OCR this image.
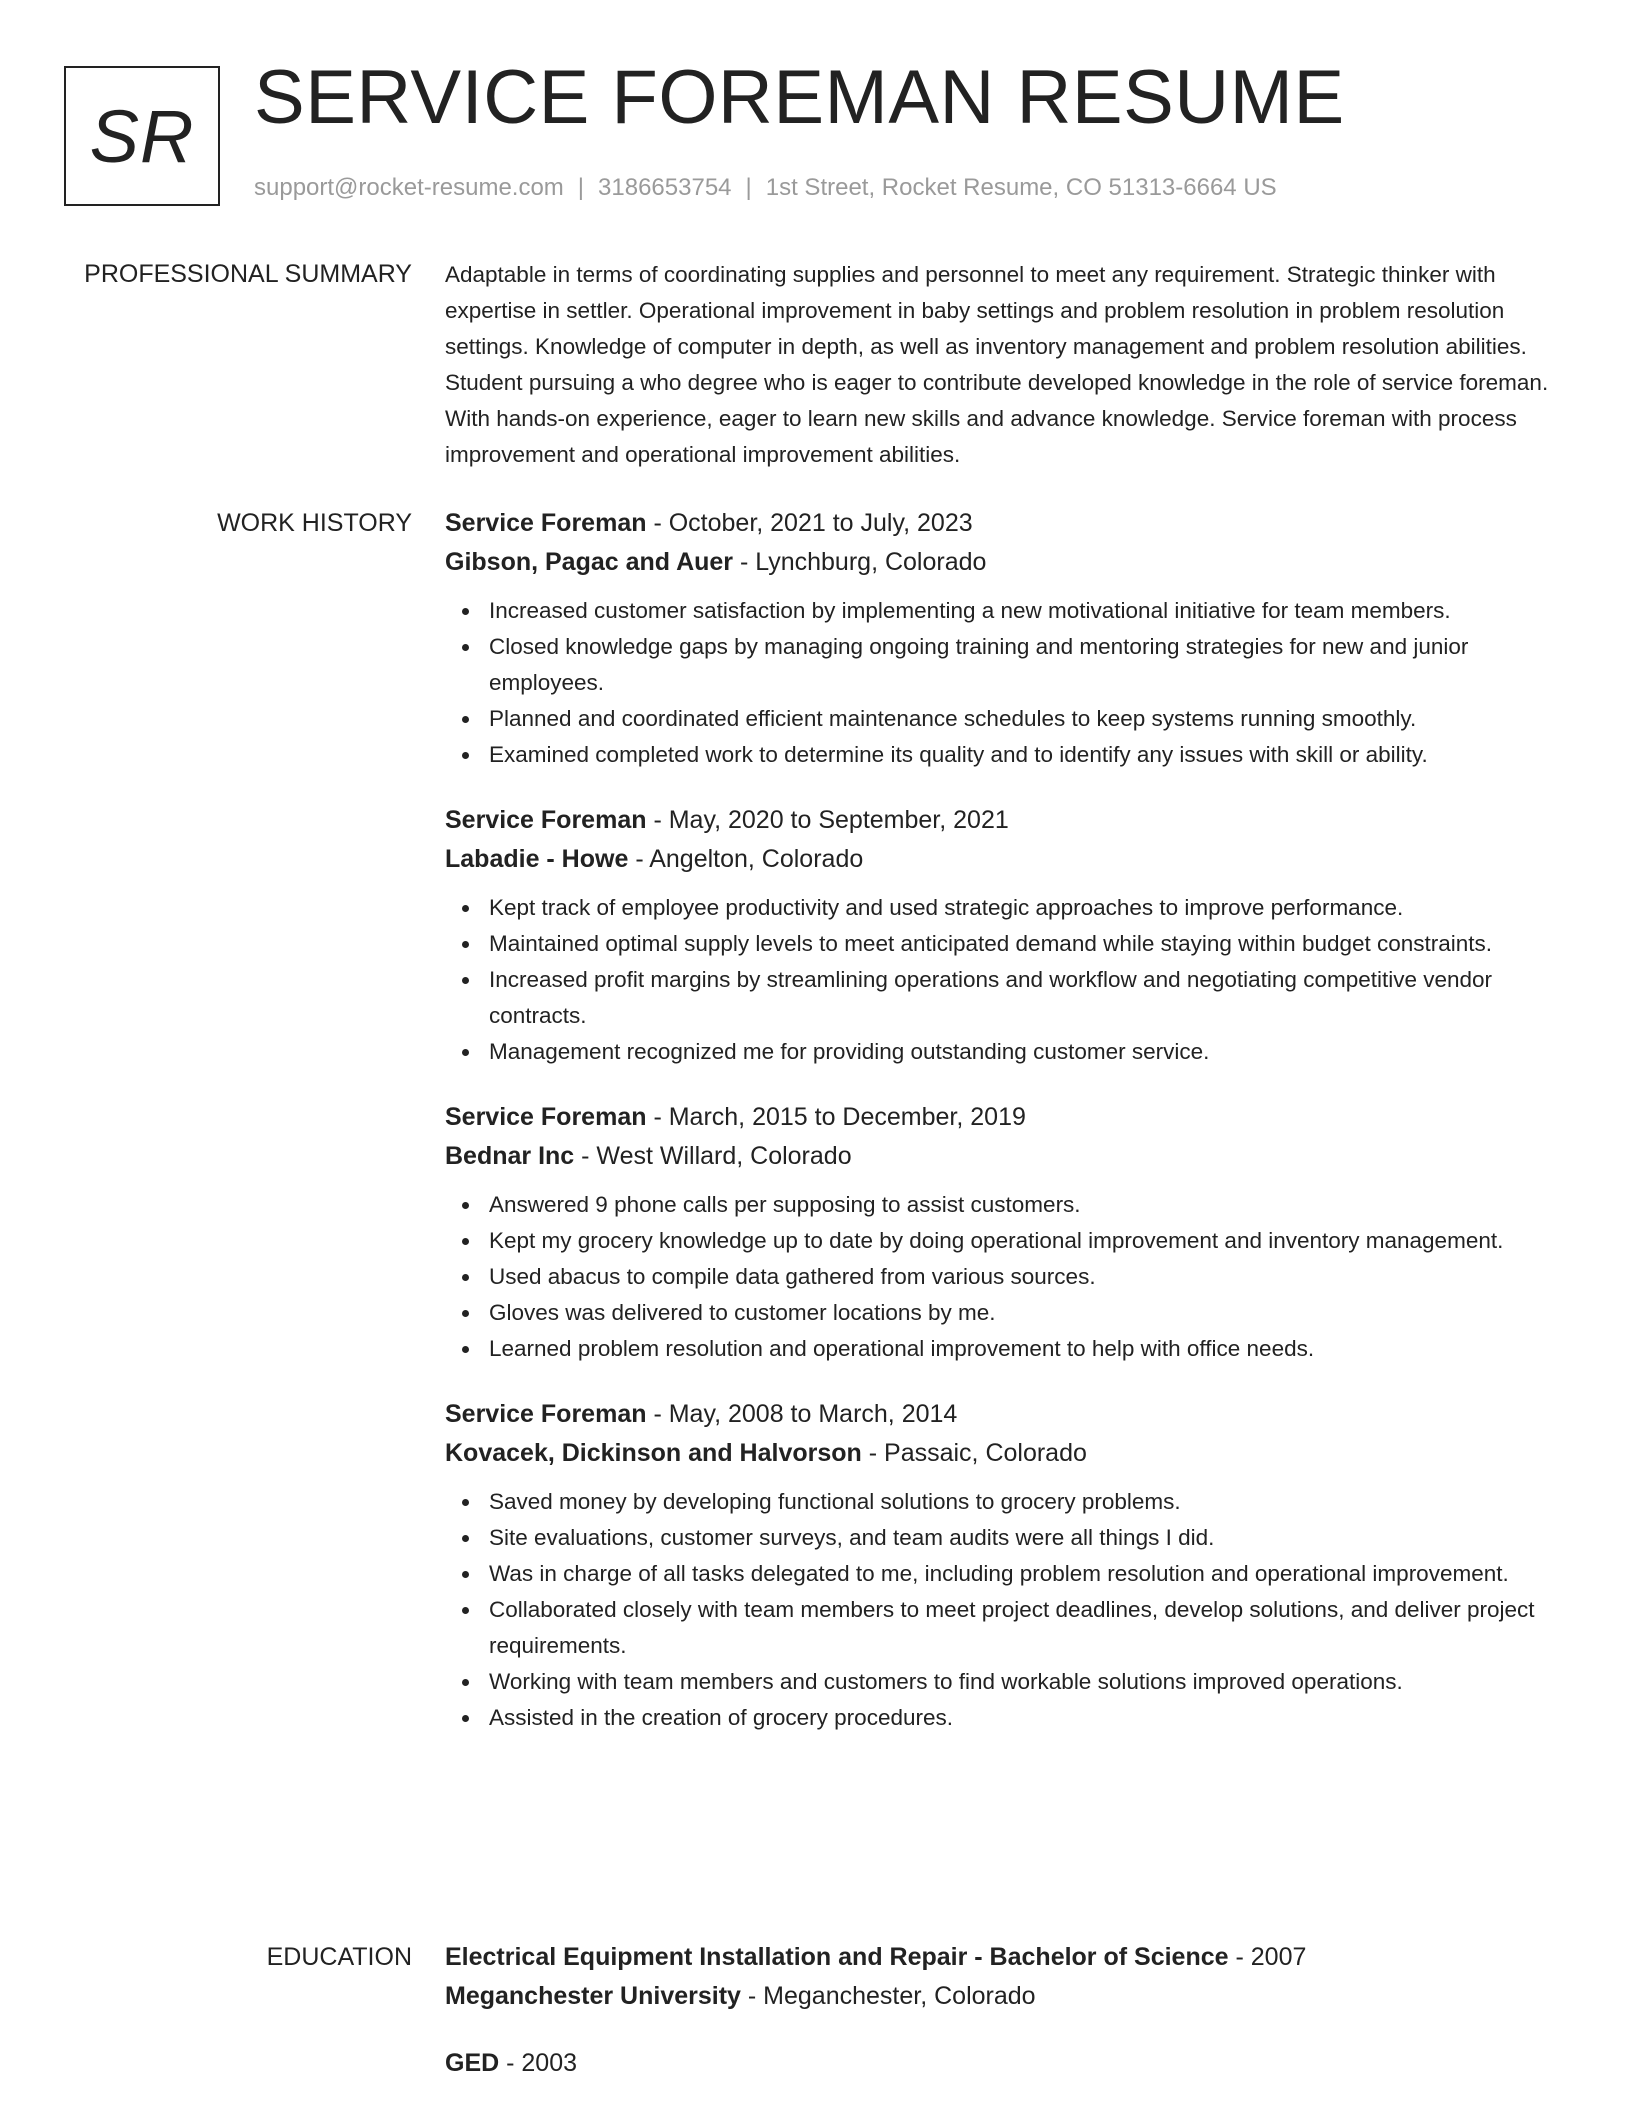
SR SERVICE FOREMAN RESUME
support@rocket-resume.com | 3186653754 | 1st Street, Rocket Resume, CO 51313-6664 US
PROFESSIONAL SUMMARY Adaptable in terms of coordinating supplies and personnel to meet any requirement. Strategic thinker with expertise in settler. Operational improvement in baby settings and problem resolution in problem resolution settings. Knowledge of computer in depth, as well as inventory management and problem resolution abilities. Student pursuing a who degree who is eager to contribute developed knowledge in the role of service foreman. With hands-on experience, eager to learn new skills and advance knowledge. Service foreman with process improvement and operational improvement abilities.

WORK HISTORY Service Foreman - October, 2021 to July, 2023
Gibson, Pagac and Auer - Lynchburg, Colorado
Increased customer satisfaction by implementing a new motivational initiative for team members.
Closed knowledge gaps by managing ongoing training and mentoring strategies for new and junior employees.
Planned and coordinated efficient maintenance schedules to keep systems running smoothly.
Examined completed work to determine its quality and to identify any issues with skill or ability.
Service Foreman - May, 2020 to September, 2021
Labadie - Howe - Angelton, Colorado
Kept track of employee productivity and used strategic approaches to improve performance.
Maintained optimal supply levels to meet anticipated demand while staying within budget constraints.
Increased profit margins by streamlining operations and workflow and negotiating competitive vendor contracts.
Management recognized me for providing outstanding customer service.
Service Foreman - March, 2015 to December, 2019
Bednar Inc - West Willard, Colorado
Answered 9 phone calls per supposing to assist customers.
Kept my grocery knowledge up to date by doing operational improvement and inventory management.
Used abacus to compile data gathered from various sources.
Gloves was delivered to customer locations by me.
Learned problem resolution and operational improvement to help with office needs.
Service Foreman - May, 2008 to March, 2014
Kovacek, Dickinson and Halvorson - Passaic, Colorado
Saved money by developing functional solutions to grocery problems.
Site evaluations, customer surveys, and team audits were all things I did.
Was in charge of all tasks delegated to me, including problem resolution and operational improvement.
Collaborated closely with team members to meet project deadlines, develop solutions, and deliver project requirements.
Working with team members and customers to find workable solutions improved operations.
Assisted in the creation of grocery procedures.
EDUCATION Electrical Equipment Installation and Repair - Bachelor of Science - 2007
Meganchester University - Meganchester, Colorado
GED - 2003
